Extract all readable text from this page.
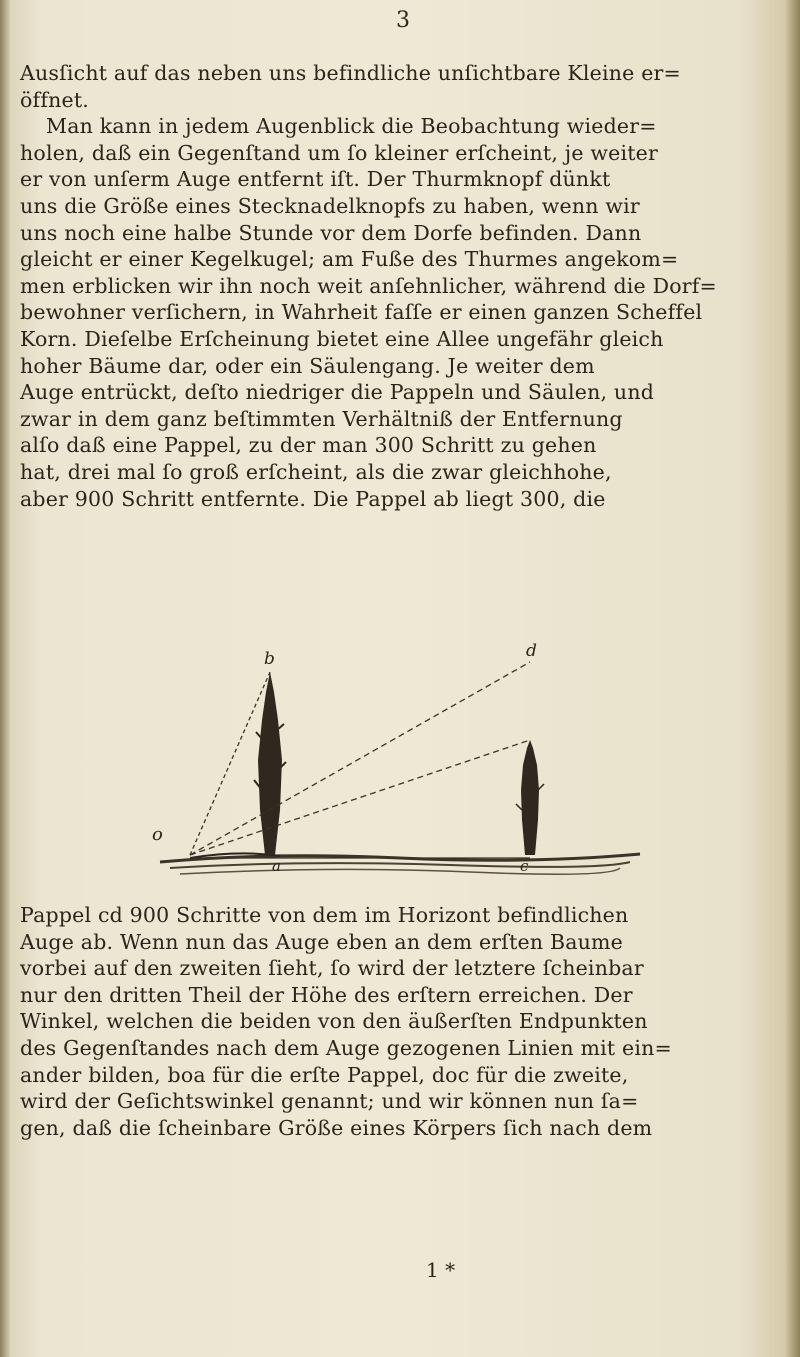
3
Ausſicht auf das neben uns befindliche unſichtbare Kleine er=
öffnet.
Man kann in jedem Augenblick die Beobachtung wieder=
holen, daß ein Gegenſtand um ſo kleiner erſcheint, je weiter
er von unſerm Auge entfernt iſt. Der Thurmknopf dünkt
uns die Größe eines Stecknadelknopfs zu haben, wenn wir
uns noch eine halbe Stunde vor dem Dorfe befinden. Dann
gleicht er einer Kegelkugel; am Fuße des Thurmes angekom=
men erblicken wir ihn noch weit anſehnlicher, während die Dorf=
bewohner verſichern, in Wahrheit faſſe er einen ganzen Scheffel
Korn. Dieſelbe Erſcheinung bietet eine Allee ungefähr gleich
hoher Bäume dar, oder ein Säulengang. Je weiter dem
Auge entrückt, deſto niedriger die Pappeln und Säulen, und
zwar in dem ganz beſtimmten Verhältniß der Entfernung
alſo daß eine Pappel, zu der man 300 Schritt zu gehen
hat, drei mal ſo groß erſcheint, als die zwar gleichhohe,
aber 900 Schritt entfernte. Die Pappel ab liegt 300, die
d
b
o
a	c
Pappel cd 900 Schritte von dem im Horizont befindlichen
Auge ab. Wenn nun das Auge eben an dem erſten Baume
vorbei auf den zweiten ſieht, ſo wird der letztere ſcheinbar
nur den dritten Theil der Höhe des erſtern erreichen. Der
Winkel, welchen die beiden von den äußerſten Endpunkten
des Gegenſtandes nach dem Auge gezogenen Linien mit ein=
ander bilden, boa für die erſte Pappel, doc für die zweite,
wird der Geſichtswinkel genannt; und wir können nun ſa=
gen, daß die ſcheinbare Größe eines Körpers ſich nach dem
1 *
